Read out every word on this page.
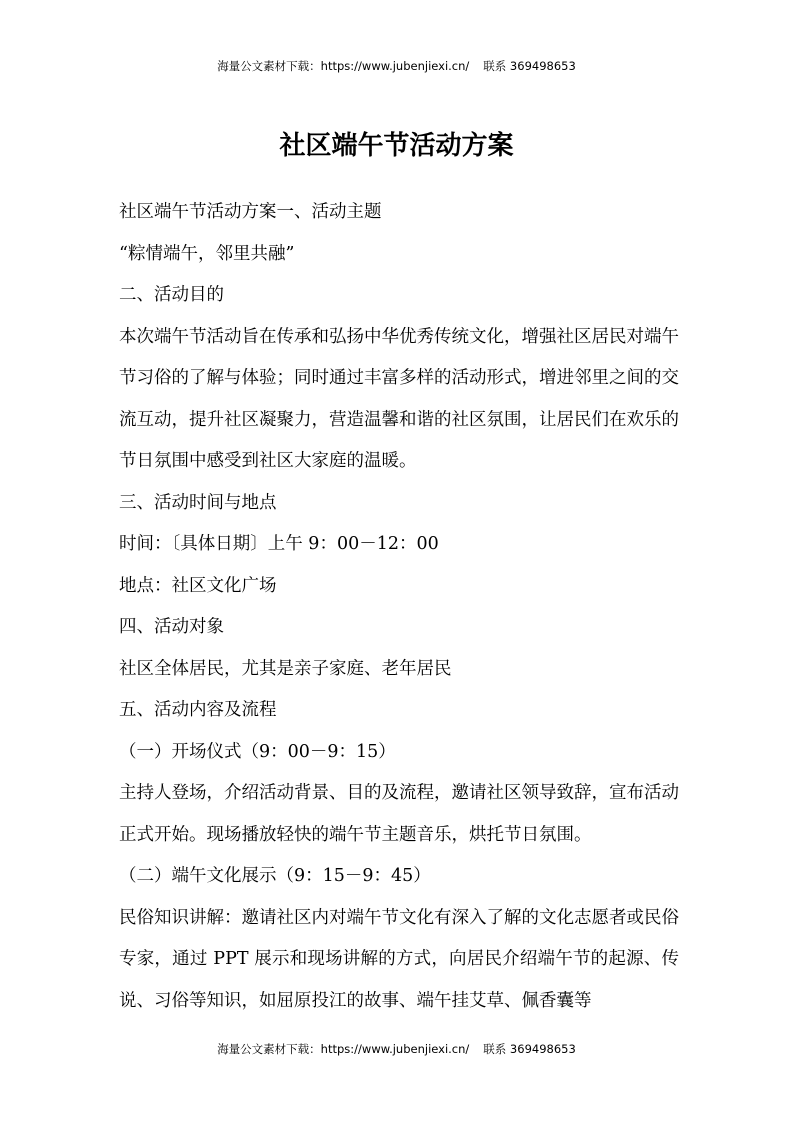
海量公文素材下载：https://www.jubenjiexi.cn/ 联系 369498653
社区端午节活动方案

社区端午节活动方案一、活动主题

“粽情端午，邻里共融”

二、活动目的

本次端午节活动旨在传承和弘扬中华优秀传统文化，增强社区居民对端午节习俗的了解与体验；同时通过丰富多样的活动形式，增进邻里之间的交流互动，提升社区凝聚力，营造温馨和谐的社区氛围，让居民们在欢乐的节日氛围中感受到社区大家庭的温暖。

三、活动时间与地点

时间：〔具体日期〕上午 9：00－12：00

地点：社区文化广场

四、活动对象

社区全体居民，尤其是亲子家庭、老年居民

五、活动内容及流程

（一）开场仪式（9：00－9：15）

主持人登场，介绍活动背景、目的及流程，邀请社区领导致辞，宣布活动正式开始。现场播放轻快的端午节主题音乐，烘托节日氛围。

（二）端午文化展示（9：15－9：45）

民俗知识讲解：邀请社区内对端午节文化有深入了解的文化志愿者或民俗专家，通过 PPT 展示和现场讲解的方式，向居民介绍端午节的起源、传说、习俗等知识，如屈原投江的故事、端午挂艾草、佩香囊等

海量公文素材下载：https://www.jubenjiexi.cn/ 联系 369498653
